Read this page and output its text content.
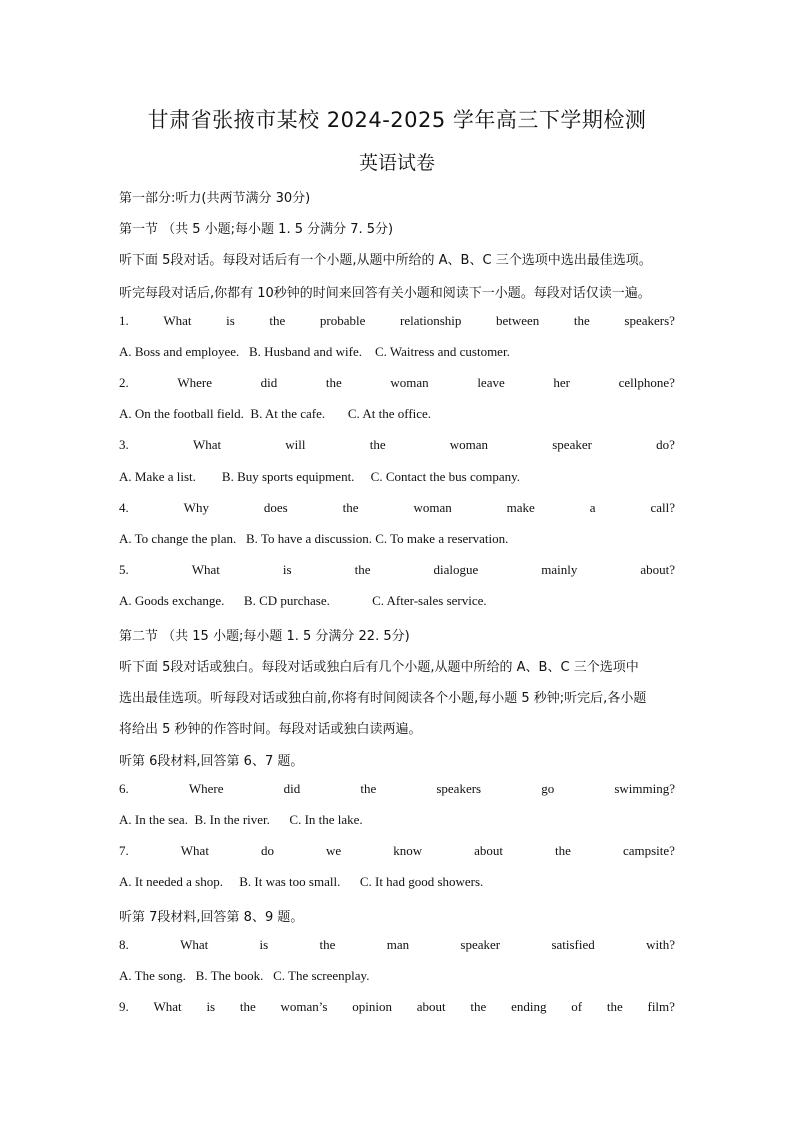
甘肃省张掖市某校 2024-2025 学年高三下学期检测
英语试卷
第一部分:听力(共两节满分 30分)
第一节 （共 5 小题;每小题 1. 5 分满分 7. 5分)
听下面 5段对话。每段对话后有一个小题,从题中所给的 A、B、C 三个选项中选出最佳选项。
听完每段对话后,你都有 10秒钟的时间来回答有关小题和阅读下一小题。每段对话仅读一遍。
1.	What	is	the	probable	relationship	between	the	speakers?
A. Boss and employee.   B. Husband and wife.    C. Waitress and customer.
2.	Where	did	the	woman	leave	her	cellphone?
A. On the football field.  B. At the cafe.       C. At the office.
3.	What	will	the	woman	speaker	do?
A. Make a list.        B. Buy sports equipment.     C. Contact the bus company.
4.	Why	does	the	woman	make	a	call?
A. To change the plan.   B. To have a discussion. C. To make a reservation.
5.	What	is	the	dialogue	mainly	about?
A. Goods exchange.      B. CD purchase.             C. After-sales service.
第二节 （共 15 小题;每小题 1. 5 分满分 22. 5分)
听下面 5段对话或独白。每段对话或独白后有几个小题,从题中所给的 A、B、C 三个选项中
选出最佳选项。听每段对话或独白前,你将有时间阅读各个小题,每小题 5 秒钟;听完后,各小题
将给出 5 秒钟的作答时间。每段对话或独白读两遍。
听第 6段材料,回答第 6、7 题。
6.	Where	did	the	speakers	go	swimming?
A. In the sea.  B. In the river.      C. In the lake.
7.	What	do	we	know	about	the	campsite?
A. It needed a shop.     B. It was too small.      C. It had good showers.
听第 7段材料,回答第 8、9 题。
8.	What	is	the	man	speaker	satisfied	with?
A. The song.   B. The book.   C. The screenplay.
9. What is the woman’s opinion about the ending of the film?
